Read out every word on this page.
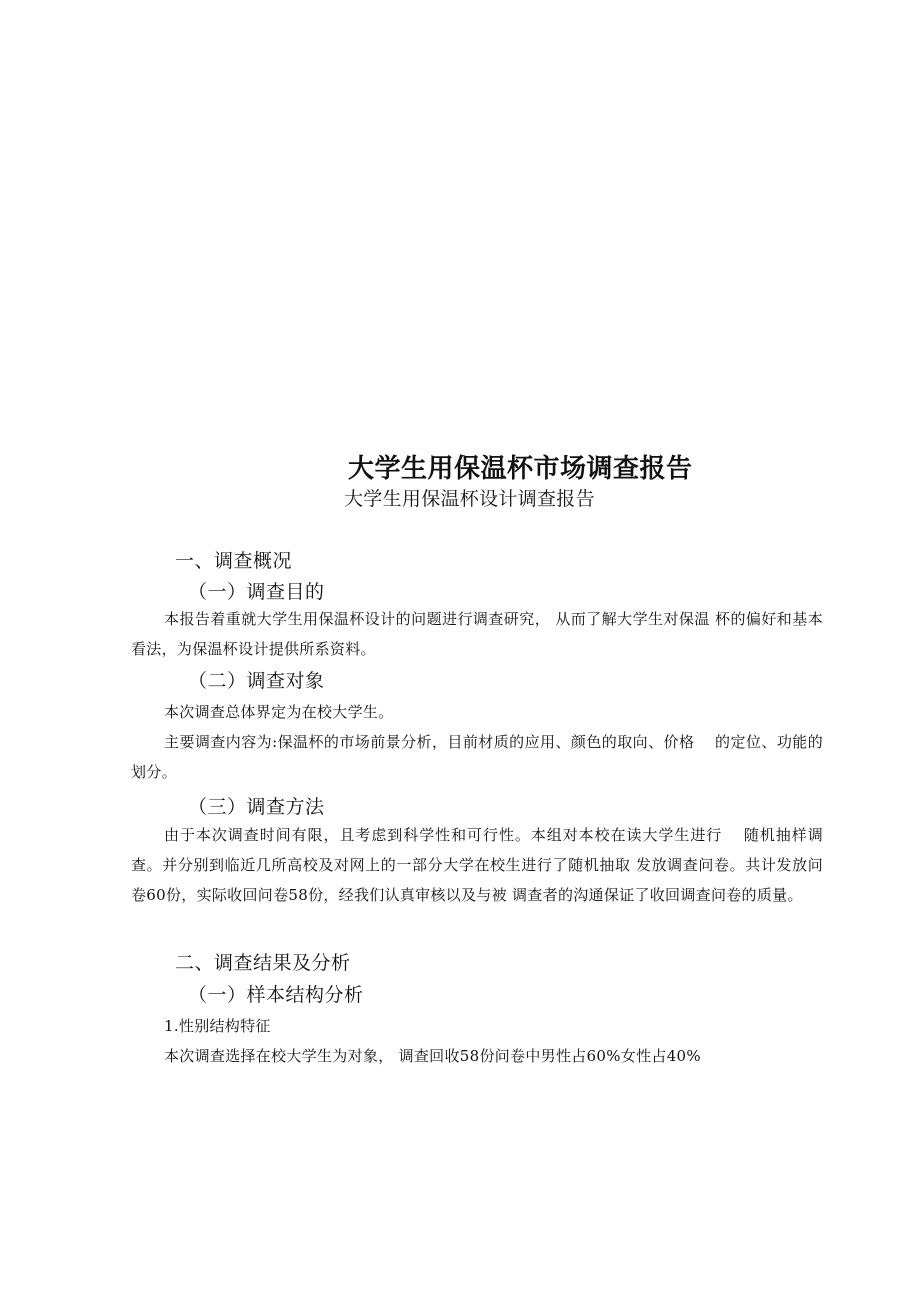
大学生用保温杯市场调查报告
大学生用保温杯设计调查报告
一、调查概况
（一）调查目的

本报告着重就大学生用保温杯设计的问题进行调查研究， 从而了解大学生对保温 杯的偏好和基本看法，为保温杯设计提供所系资料。

（二）调查对象

本次调查总体界定为在校大学生。

主要调查内容为:保温杯的市场前景分析，目前材质的应用、颜色的取向、价格 　的定位、功能的划分。

（三）调查方法

由于本次调查时间有限，且考虑到科学性和可行性。本组对本校在读大学生进行 　随机抽样调查。并分别到临近几所高校及对网上的一部分大学在校生进行了随机抽取 发放调查问卷。共计发放问卷60份，实际收回问卷58份，经我们认真审核以及与被 调查者的沟通保证了收回调查问卷的质量。

二、调查结果及分析
（一）样本结构分析
1.性别结构特征
本次调查选择在校大学生为对象， 调查回收58份问卷中男性占60%女性占40%
